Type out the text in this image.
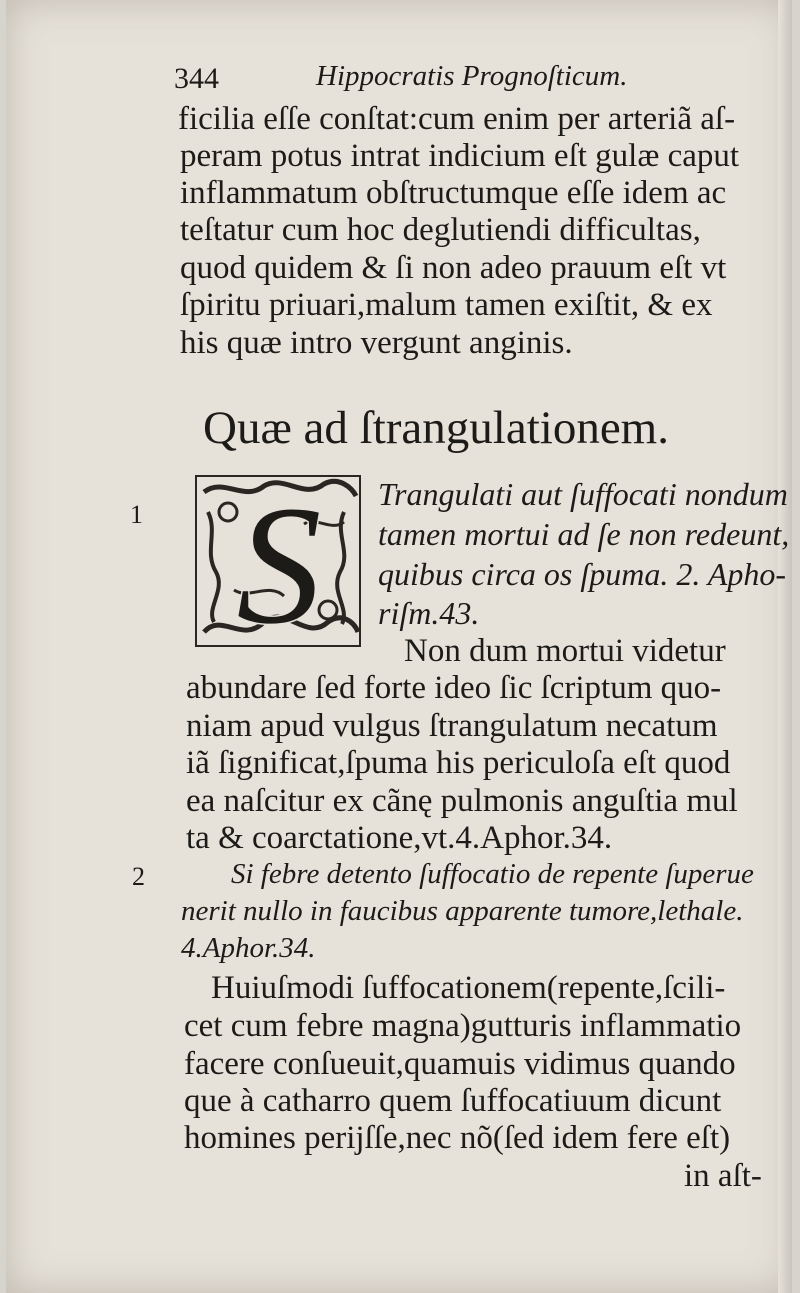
344	Hippocratis Prognoſticum.
ficilia eſſe conſtat:cum enim per arteriã aſ-
peram potus intrat indicium eſt gulæ caput
inflammatum obſtructumque eſſe idem ac
teſtatur cum hoc deglutiendi difficultas,
quod quidem & ſi non adeo prauum eſt vt
ſpiritu priuari,malum tamen exiſtit, & ex
his quæ intro vergunt anginis.
Quæ ad ſtrangulationem.
1
2
S Trangulati aut ſuffocati nondum
tamen mortui ad ſe non redeunt,
quibus circa os ſpuma. 2. Apho-
riſm.43.
Non dum mortui videtur
abundare ſed forte ideo ſic ſcriptum quo-
niam apud vulgus ſtrangulatum necatum
iã ſignificat,ſpuma his periculoſa eſt quod
ea naſcitur ex cãnę pulmonis anguſtia mul
ta & coarctatione,vt.4.Aphor.34.
Si febre detento ſuffocatio de repente ſuperue
nerit nullo in faucibus apparente tumore,lethale.
4.Aphor.34.
Huiuſmodi ſuffocationem(repente,ſcili-
cet cum febre magna)gutturis inflammatio
facere conſueuit,quamuis vidimus quando
que à catharro quem ſuffocatiuum dicunt
homines perijſſe,nec nõ(ſed idem fere eſt)
in aſt-
